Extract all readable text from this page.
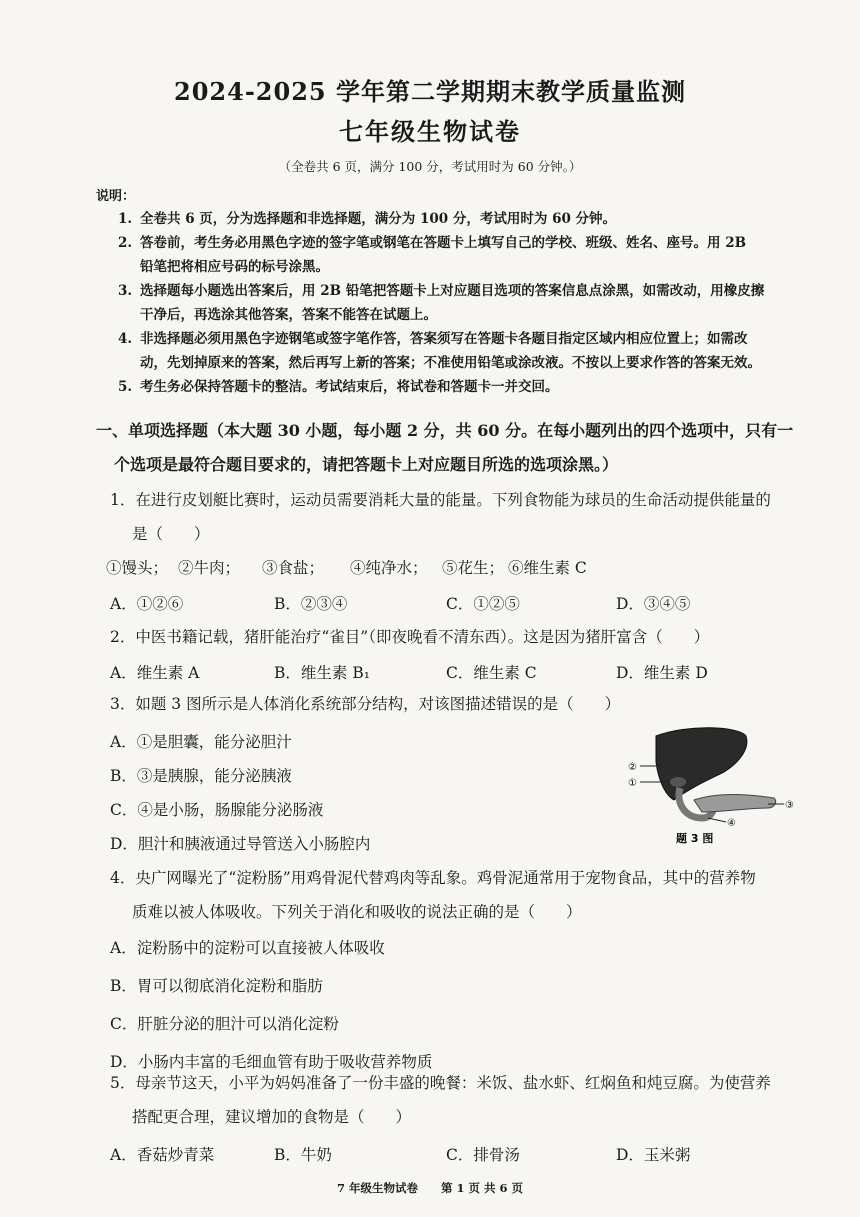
2024-2025 学年第二学期期末教学质量监测
七年级生物试卷
（全卷共 6 页，满分 100 分，考试用时为 60 分钟。）
说明：
1. 全卷共 6 页，分为选择题和非选择题，满分为 100 分，考试用时为 60 分钟。
2. 答卷前，考生务必用黑色字迹的签字笔或钢笔在答题卡上填写自己的学校、班级、姓名、座号。用 2B
铅笔把将相应号码的标号涂黑。
3. 选择题每小题选出答案后，用 2B 铅笔把答题卡上对应题目选项的答案信息点涂黑，如需改动，用橡皮擦
干净后，再选涂其他答案，答案不能答在试题上。
4. 非选择题必须用黑色字迹钢笔或签字笔作答，答案须写在答题卡各题目指定区域内相应位置上；如需改
动，先划掉原来的答案，然后再写上新的答案；不准使用铅笔或涂改液。不按以上要求作答的答案无效。
5. 考生务必保持答题卡的整洁。考试结束后，将试卷和答题卡一并交回。
一、单项选择题（本大题 30 小题，每小题 2 分，共 60 分。在每小题列出的四个选项中，只有一
个选项是最符合题目要求的，请把答题卡上对应题目所选的选项涂黑。）
1．在进行皮划艇比赛时，运动员需要消耗大量的能量。下列食物能为球员的生命活动提供能量的
是（　　）
①馒头； ②牛肉；	③食盐；	④纯净水； ⑤花生； ⑥维生素 C
A．①②⑥	B．②③④	C．①②⑤	D．③④⑤
2．中医书籍记载，猪肝能治疗“雀目”（即夜晚看不清东西）。这是因为猪肝富含（　　）
A．维生素 A	B．维生素 B₁	C．维生素 C	D．维生素 D
3．如题 3 图所示是人体消化系统部分结构，对该图描述错误的是（　　）
A．①是胆囊，能分泌胆汁
B．③是胰腺，能分泌胰液
C．④是小肠，肠腺能分泌肠液
D．胆汁和胰液通过导管送入小肠腔内
②
①
③
④
题 3 图
4．央广网曝光了“淀粉肠”用鸡骨泥代替鸡肉等乱象。鸡骨泥通常用于宠物食品，其中的营养物
质难以被人体吸收。下列关于消化和吸收的说法正确的是（　　）
A．淀粉肠中的淀粉可以直接被人体吸收
B．胃可以彻底消化淀粉和脂肪
C．肝脏分泌的胆汁可以消化淀粉
D．小肠内丰富的毛细血管有助于吸收营养物质
5．母亲节这天，小平为妈妈准备了一份丰盛的晚餐：米饭、盐水虾、红焖鱼和炖豆腐。为使营养
搭配更合理，建议增加的食物是（　　）
A．香菇炒青菜	B．牛奶	C．排骨汤	D．玉米粥
7 年级生物试卷　　第 1 页 共 6 页
